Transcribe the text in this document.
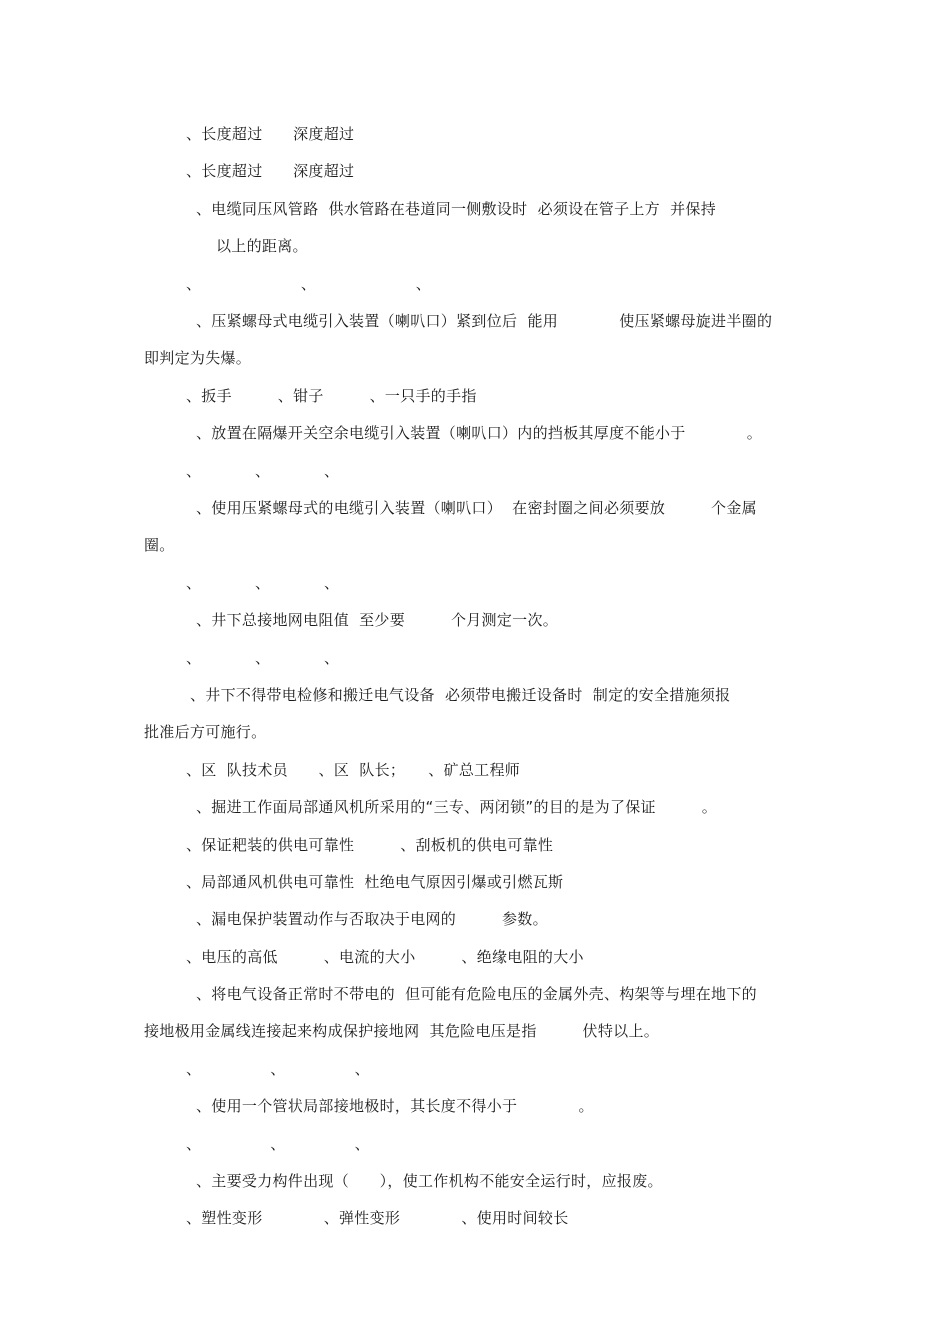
、长度超过　　深度超过
、长度超过　　深度超过
、电缆同压风管路  供水管路在巷道同一侧敷设时  必须设在管子上方  并保持
以上的距离。
、　　　　　　　、　　　　　　　、
、压紧螺母式电缆引入装置（喇叭口）紧到位后  能用　　　　使压紧螺母旋进半圈的
即判定为失爆。
、扳手　　　、钳子　　　、一只手的手指
、放置在隔爆开关空余电缆引入装置（喇叭口）内的挡板其厚度不能小于　　　　。
、　　　　、　　　　、
、使用压紧螺母式的电缆引入装置（喇叭口）  在密封圈之间必须要放　　　个金属
圈。
、　　　　、　　　　、
、井下总接地网电阻值  至少要　　　个月测定一次。
、　　　　、　　　　、
、井下不得带电检修和搬迁电气设备  必须带电搬迁设备时  制定的安全措施须报
批准后方可施行。
、区  队技术员　　、区  队长；　　、矿总工程师
、掘进工作面局部通风机所采用的“三专、两闭锁”的目的是为了保证　　　。
、保证耙装的供电可靠性　　　、刮板机的供电可靠性
、局部通风机供电可靠性  杜绝电气原因引爆或引燃瓦斯
、漏电保护装置动作与否取决于电网的　　　参数。
、电压的高低　　　、电流的大小　　　、绝缘电阻的大小
、将电气设备正常时不带电的  但可能有危险电压的金属外壳、构架等与埋在地下的
接地极用金属线连接起来构成保护接地网  其危险电压是指　　　伏特以上。
、　　　　　、　　　　　、
、使用一个管状局部接地极时，其长度不得小于　　　　。
、　　　　　、　　　　　、
、主要受力构件出现（　　），使工作机构不能安全运行时，应报废。
、塑性变形　　　　、弹性变形　　　　、使用时间较长
